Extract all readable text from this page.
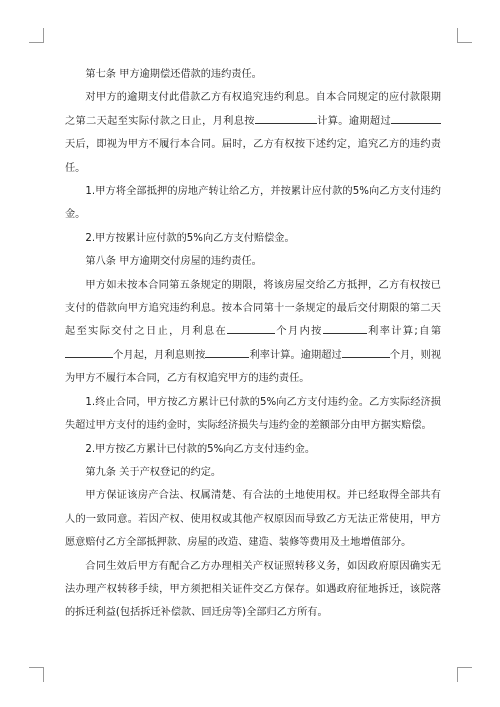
第七条 甲方逾期偿还借款的违约责任。

对甲方的逾期支付此借款乙方有权追究违约利息。自本合同规定的应付款限期之第二天起至实际付款之日止，月利息按	计算。逾期超过天后，即视为甲方不履行本合同。届时，乙方有权按下述约定，追究乙方的违约责任。

1.甲方将全部抵押的房地产转让给乙方，并按累计应付款的5%向乙方支付违约金。

2.甲方按累计应付款的5%向乙方支付赔偿金。

第八条 甲方逾期交付房屋的违约责任。

甲方如未按本合同第五条规定的期限，将该房屋交给乙方抵押，乙方有权按已支付的借款向甲方追究违约利息。按本合同第十一条规定的最后交付期限的第二天起至实际交付之日止，月利息在	个月内按	利率计算;自第个月起，月利息则按	利率计算。逾期超过	个月，则视为甲方不履行本合同，乙方有权追究甲方的违约责任。

1.终止合同，甲方按乙方累计已付款的5%向乙方支付违约金。乙方实际经济损失超过甲方支付的违约金时，实际经济损失与违约金的差额部分由甲方据实赔偿。

2.甲方按乙方累计已付款的5%向乙方支付违约金。

第九条 关于产权登记的约定。

甲方保证该房产合法、权属清楚、有合法的土地使用权。并已经取得全部共有人的一致同意。若因产权、使用权或其他产权原因而导致乙方无法正常使用，甲方愿意赔付乙方全部抵押款、房屋的改造、建造、装修等费用及土地增值部分。

合同生效后甲方有配合乙方办理相关产权证照转移义务，如因政府原因确实无法办理产权转移手续，甲方须把相关证件交乙方保存。如遇政府征地拆迁，该院落的拆迁利益(包括拆迁补偿款、回迁房等)全部归乙方所有。
